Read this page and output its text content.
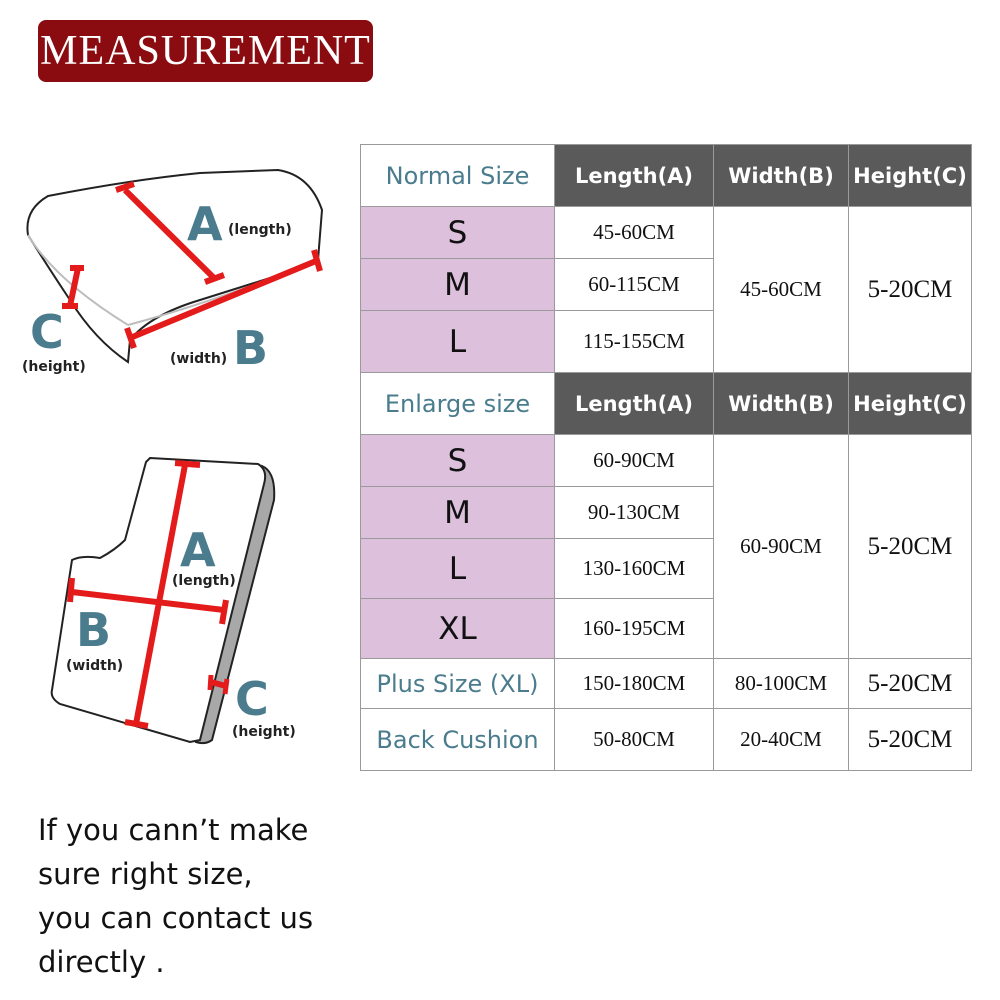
MEASUREMENT
A (length)
B
(width)
C
(height)
A
(length)
B
(width)
C
(height)
Normal Size	Length(A)	Width(B)	Height(C)
S	45-60CM	45-60CM	5-20CM
M	60-115CM		
L	115-155CM		
Enlarge size	Length(A)	Width(B)	Height(C)
S	60-90CM	60-90CM	5-20CM
M	90-130CM		
L	130-160CM		
XL	160-195CM		
Plus Size (XL)	150-180CM	80-100CM	5-20CM
Back Cushion	50-80CM	20-40CM	5-20CM
If you cann’t make
sure right size,
you can contact us
directly .
